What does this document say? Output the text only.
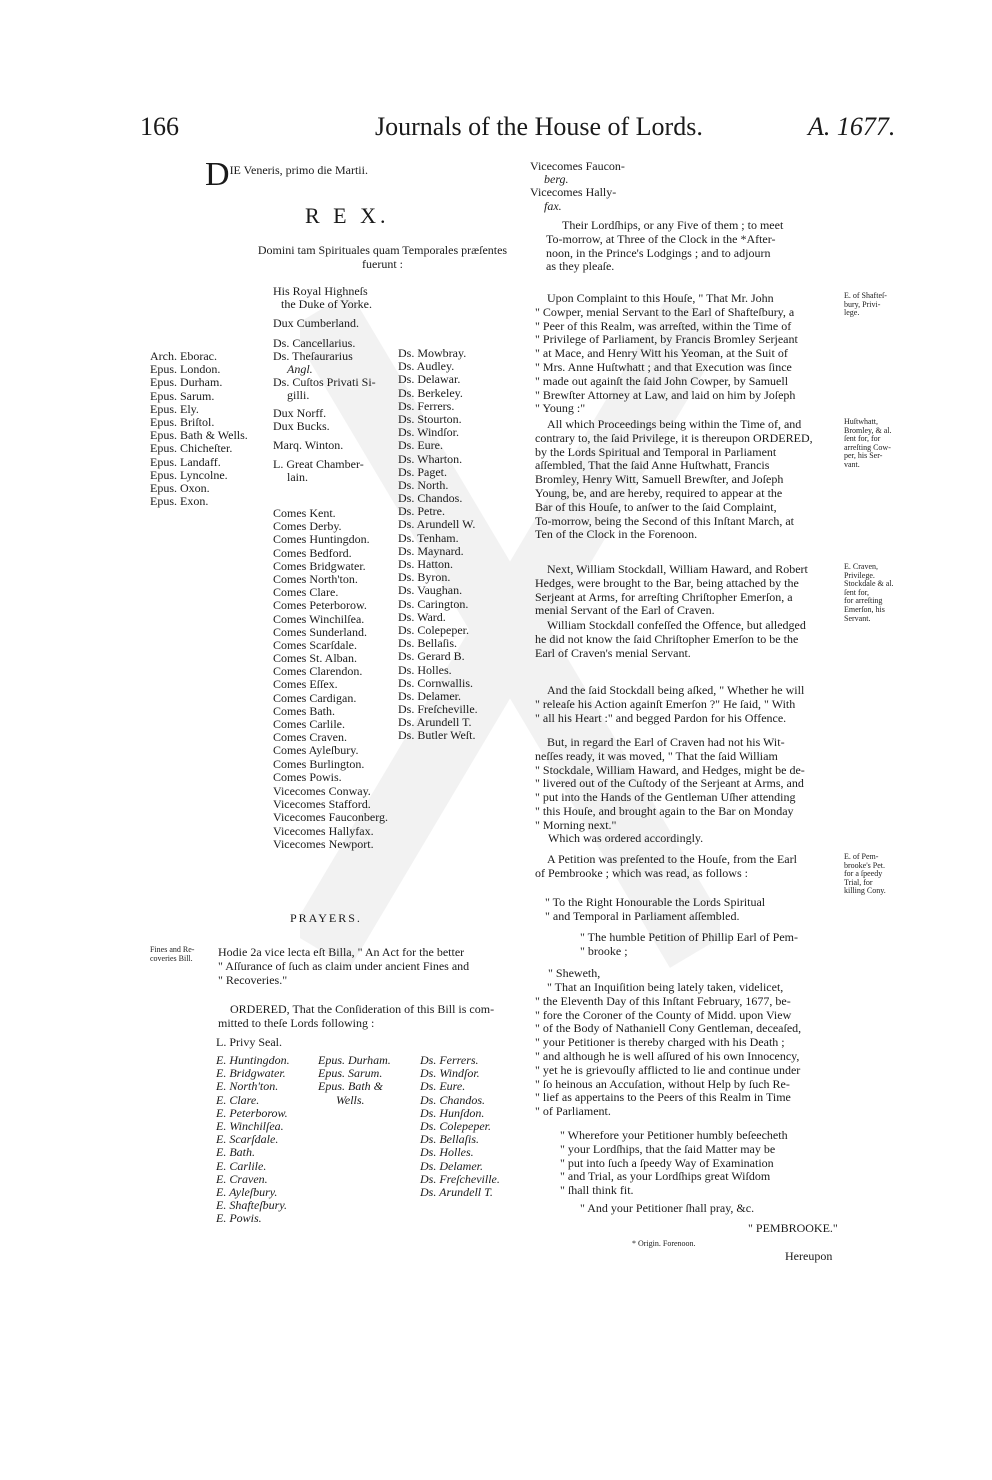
166	Journals of the House of Lords.	A. 1677.
$D^{IE Veneris, primo die Martii.}$
R E X.
Domini tam Spirituales quam Temporales præſentes
fuerunt :
Arch. Eborac.
Epus. London.
Epus. Durham.
Epus. Sarum.
Epus. Ely.
Epus. Briſtol.
Epus. Bath & Wells.
Epus. Chicheſter.
Epus. Landaff.
Epus. Lyncolne.
Epus. Oxon.
Epus. Exon.
His Royal Highneſs
the Duke of Yorke.
Dux Cumberland.
Ds. Cancellarius.
Ds. Theſaurarius
Angl.
Ds. Cuſtos Privati Si-
gilli.
Dux Norff.
Dux Bucks.
Marq. Winton.
L. Great Chamber-
lain.
Comes Kent.
Comes Derby.
Comes Huntingdon.
Comes Bedford.
Comes Bridgwater.
Comes North'ton.
Comes Clare.
Comes Peterborow.
Comes Winchilſea.
Comes Sunderland.
Comes Scarſdale.
Comes St. Alban.
Comes Clarendon.
Comes Eſſex.
Comes Cardigan.
Comes Bath.
Comes Carlile.
Comes Craven.
Comes Ayleſbury.
Comes Burlington.
Comes Powis.
Vicecomes Conway.
Vicecomes Stafford.
Vicecomes Fauconberg.
Vicecomes Hallyfax.
Vicecomes Newport.
Ds. Mowbray.
Ds. Audley.
Ds. Delawar.
Ds. Berkeley.
Ds. Ferrers.
Ds. Stourton.
Ds. Windſor.
Ds. Eure.
Ds. Wharton.
Ds. Paget.
Ds. North.
Ds. Chandos.
Ds. Petre.
Ds. Arundell W.
Ds. Tenham.
Ds. Maynard.
Ds. Hatton.
Ds. Byron.
Ds. Vaughan.
Ds. Carington.
Ds. Ward.
Ds. Colepeper.
Ds. Bellaſis.
Ds. Gerard B.
Ds. Holles.
Ds. Cornwallis.
Ds. Delamer.
Ds. Freſcheville.
Ds. Arundell T.
Ds. Butler Weſt.
PRAYERS.
Fines and Re-
coveries Bill. Hodie 2a vice lecta eſt Billa, " An Act for the better
" Aſſurance of ſuch as claim under ancient Fines and
" Recoveries."
ORDERED, That the Conſideration of this Bill is com-
mitted to theſe Lords following :
L. Privy Seal.
E. Huntingdon.
E. Bridgwater.
E. North'ton.
E. Clare.
E. Peterborow.
E. Winchilſea.
E. Scarſdale.
E. Bath.
E. Carlile.
E. Craven.
E. Ayleſbury.
E. Shafteſbury.
E. Powis.
Epus. Durham.
Epus. Sarum.
Epus. Bath &
Wells.
Ds. Ferrers.
Ds. Windſor.
Ds. Eure.
Ds. Chandos.
Ds. Hunſdon.
Ds. Colepeper.
Ds. Bellaſis.
Ds. Holles.
Ds. Delamer.
Ds. Freſcheville.
Ds. Arundell T.
Vicecomes Faucon-
berg.
Vicecomes Hally-
fax.
Their Lordſhips, or any Five of them ; to meet
To-morrow, at Three of the Clock in the *After-
noon, in the Prince's Lodgings ; and to adjourn
as they pleaſe.
Upon Complaint to this Houſe, " That Mr. John
" Cowper, menial Servant to the Earl of Shafteſbury, a
" Peer of this Realm, was arreſted, within the Time of
" Privilege of Parliament, by Francis Bromley Serjeant
" at Mace, and Henry Witt his Yeoman, at the Suit of
" Mrs. Anne Huſtwhatt ; and that Execution was ſince
" made out againſt the ſaid John Cowper, by Samuell
" Brewſter Attorney at Law, and laid on him by Joſeph
" Young :"
All which Proceedings being within the Time of, and
contrary to, the ſaid Privilege, it is thereupon ORDERED,
by the Lords Spiritual and Temporal in Parliament
aſſembled, That the ſaid Anne Huſtwhatt, Francis
Bromley, Henry Witt, Samuell Brewſter, and Joſeph
Young, be, and are hereby, required to appear at the
Bar of this Houſe, to anſwer to the ſaid Complaint,
To-morrow, being the Second of this Inſtant March, at
Ten of the Clock in the Forenoon.
Next, William Stockdall, William Haward, and Robert
Hedges, were brought to the Bar, being attached by the
Serjeant at Arms, for arreſting Chriſtopher Emerſon, a
menial Servant of the Earl of Craven.
William Stockdall confeſſed the Offence, but alledged
he did not know the ſaid Chriſtopher Emerſon to be the
Earl of Craven's menial Servant.
And the ſaid Stockdall being aſked, " Whether he will
" releaſe his Action againſt Emerſon ?" He ſaid, " With
" all his Heart :" and begged Pardon for his Offence.
But, in regard the Earl of Craven had not his Wit-
neſſes ready, it was moved, " That the ſaid William
" Stockdale, William Haward, and Hedges, might be de-
" livered out of the Cuſtody of the Serjeant at Arms, and
" put into the Hands of the Gentleman Uſher attending
" this Houſe, and brought again to the Bar on Monday
" Morning next."
Which was ordered accordingly.
A Petition was preſented to the Houſe, from the Earl
of Pembrooke ; which was read, as follows :
" To the Right Honourable the Lords Spiritual
" and Temporal in Parliament aſſembled.
" The humble Petition of Phillip Earl of Pem-
" brooke ;
" Sheweth,
" That an Inquiſition being lately taken, videlicet,
" the Eleventh Day of this Inſtant February, 1677, be-
" fore the Coroner of the County of Midd. upon View
" of the Body of Nathaniell Cony Gentleman, deceaſed,
" your Petitioner is thereby charged with his Death ;
" and although he is well aſſured of his own Innocency,
" yet he is grievouſly afflicted to lie and continue under
" ſo heinous an Accuſation, without Help by ſuch Re-
" lief as appertains to the Peers of this Realm in Time
" of Parliament.
" Wherefore your Petitioner humbly beſeecheth
" your Lordſhips, that the ſaid Matter may be
" put into ſuch a ſpeedy Way of Examination
" and Trial, as your Lordſhips great Wiſdom
" ſhall think fit.
" And your Petitioner ſhall pray, &c.
" PEMBROOKE."
* Origin. Forenoon.
Hereupon
E. of Shafteſ-
bury, Privi-
lege.
Huſtwhatt,
Bromley, & al.
ſent for, for
arreſting Cow-
per, his Ser-
vant.
E. Craven,
Privilege.
Stockdale & al.
ſent for,
for arreſting
Emerſon, his
Servant.
E. of Pem-
brooke's Pet.
for a ſpeedy
Trial, for
killing Cony.
